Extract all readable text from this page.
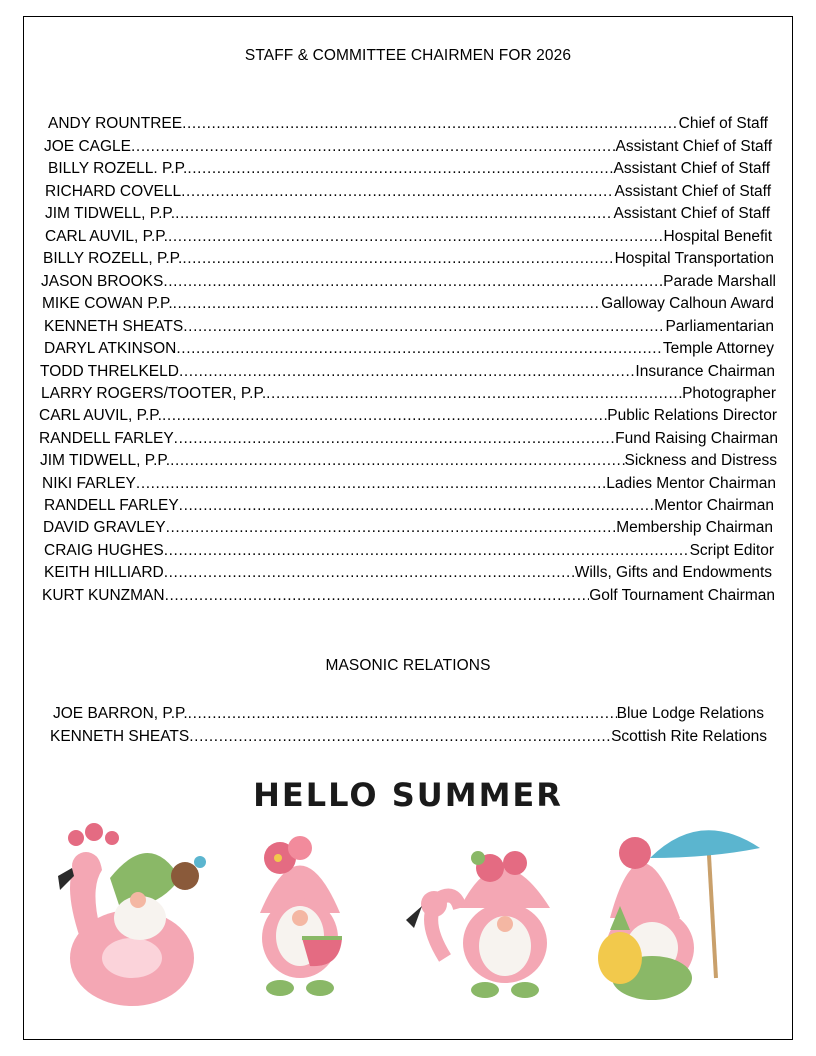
STAFF & COMMITTEE CHAIRMEN FOR 2026
ANDY ROUNTREE .....	Chief of Staff
JOE CAGLE .....	Assistant Chief of Staff
BILLY ROZELL. P.P. .....	Assistant Chief of Staff
RICHARD COVELL .....	Assistant Chief of Staff
JIM TIDWELL, P.P. .....	Assistant Chief of Staff
CARL AUVIL, P.P. .....	Hospital Benefit
BILLY ROZELL, P.P. .....	Hospital Transportation
JASON BROOKS .....	Parade Marshall
MIKE COWAN P.P. .....	Galloway Calhoun Award
KENNETH SHEATS .....	Parliamentarian
DARYL ATKINSON .....	Temple Attorney
TODD THRELKELD .....	Insurance Chairman
LARRY ROGERS/TOOTER, P.P. .....	Photographer
CARL AUVIL, P.P. .....	Public Relations Director
RANDELL FARLEY .....	Fund Raising Chairman
JIM TIDWELL, P.P. .....	Sickness and Distress
NIKI FARLEY .....	Ladies Mentor Chairman
RANDELL FARLEY .....	Mentor Chairman
DAVID GRAVLEY .....	Membership Chairman
CRAIG HUGHES .....	Script Editor
KEITH HILLIARD .....	Wills, Gifts and Endowments
KURT KUNZMAN .....	Golf Tournament Chairman
MASONIC RELATIONS
JOE BARRON, P.P. .....	Blue Lodge Relations
KENNETH SHEATS .....	Scottish Rite Relations
HELLO SUMMER
